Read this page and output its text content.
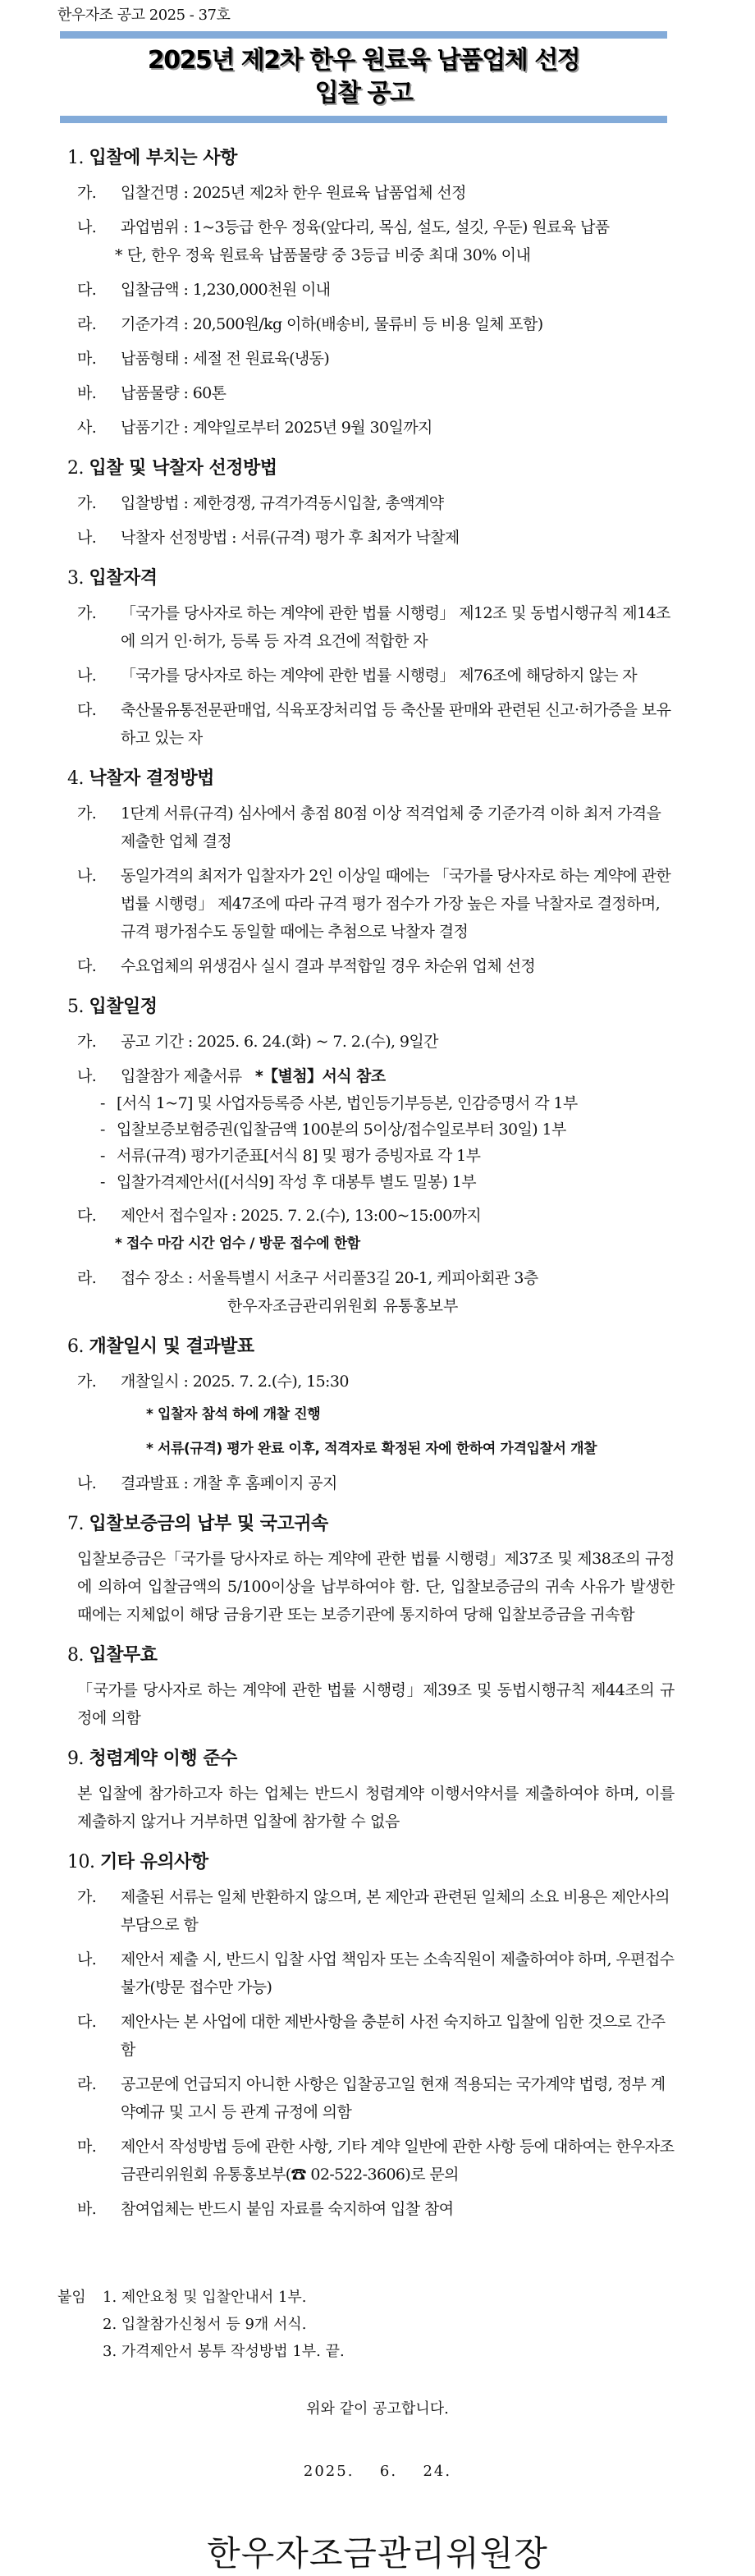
한우자조 공고 2025 - 37호
2025년 제2차 한우 원료육 납품업체 선정
입찰 공고
1. 입찰에 부치는 사항
가. 입찰건명 : 2025년 제2차 한우 원료육 납품업체 선정
나. 과업범위 : 1~3등급 한우 정육(앞다리, 목심, 설도, 설깃, 우둔) 원료육 납품
* 단, 한우 정육 원료육 납품물량 중 3등급 비중 최대 30% 이내
다. 입찰금액 : 1,230,000천원 이내
라. 기준가격 : 20,500원/kg 이하(배송비, 물류비 등 비용 일체 포함)
마. 납품형태 : 세절 전 원료육(냉동)
바. 납품물량 : 60톤
사. 납품기간 : 계약일로부터 2025년 9월 30일까지
2. 입찰 및 낙찰자 선정방법
가. 입찰방법 : 제한경쟁, 규격가격동시입찰, 총액계약
나. 낙찰자 선정방법 : 서류(규격) 평가 후 최저가 낙찰제
3. 입찰자격
가. 「국가를 당사자로 하는 계약에 관한 법률 시행령」 제12조 및 동법시행규칙 제14조에 의거 인·허가, 등록 등 자격 요건에 적합한 자
나. 「국가를 당사자로 하는 계약에 관한 법률 시행령」 제76조에 해당하지 않는 자
다. 축산물유통전문판매업, 식육포장처리업 등 축산물 판매와 관련된 신고·허가증을 보유하고 있는 자
4. 낙찰자 결정방법
가. 1단계 서류(규격) 심사에서 총점 80점 이상 적격업체 중 기준가격 이하 최저 가격을 제출한 업체 결정
나. 동일가격의 최저가 입찰자가 2인 이상일 때에는 「국가를 당사자로 하는 계약에 관한 법률 시행령」 제47조에 따라 규격 평가 점수가 가장 높은 자를 낙찰자로 결정하며, 규격 평가점수도 동일할 때에는 추첨으로 낙찰자 결정
다. 수요업체의 위생검사 실시 결과 부적합일 경우 차순위 업체 선정
5. 입찰일정
가. 공고 기간 : 2025. 6. 24.(화) ~ 7. 2.(수), 9일간
나. 입찰참가 제출서류 *【별첨】서식 참조
- [서식 1~7] 및 사업자등록증 사본, 법인등기부등본, 인감증명서 각 1부
- 입찰보증보험증권(입찰금액 100분의 5이상/접수일로부터 30일) 1부
- 서류(규격) 평가기준표[서식 8] 및 평가 증빙자료 각 1부
- 입찰가격제안서([서식9] 작성 후 대봉투 별도 밀봉) 1부
다. 제안서 접수일자 : 2025. 7. 2.(수), 13:00~15:00까지
* 접수 마감 시간 엄수 / 방문 접수에 한함
라. 접수 장소 : 서울특별시 서초구 서리풀3길 20-1, 케피아회관 3층
한우자조금관리위원회 유통홍보부
6. 개찰일시 및 결과발표
가. 개찰일시 : 2025. 7. 2.(수), 15:30
* 입찰자 참석 하에 개찰 진행
* 서류(규격) 평가 완료 이후, 적격자로 확정된 자에 한하여 가격입찰서 개찰
나. 결과발표 : 개찰 후 홈페이지 공지
7. 입찰보증금의 납부 및 국고귀속
입찰보증금은「국가를 당사자로 하는 계약에 관한 법률 시행령」제37조 및 제38조의 규정에 의하여 입찰금액의 5/100이상을 납부하여야 함. 단, 입찰보증금의 귀속 사유가 발생한 때에는 지체없이 해당 금융기관 또는 보증기관에 통지하여 당해 입찰보증금을 귀속함
8. 입찰무효
「국가를 당사자로 하는 계약에 관한 법률 시행령」제39조 및 동법시행규칙 제44조의 규정에 의함
9. 청렴계약 이행 준수
본 입찰에 참가하고자 하는 업체는 반드시 청렴계약 이행서약서를 제출하여야 하며, 이를 제출하지 않거나 거부하면 입찰에 참가할 수 없음
10. 기타 유의사항
가. 제출된 서류는 일체 반환하지 않으며, 본 제안과 관련된 일체의 소요 비용은 제안사의 부담으로 함
나. 제안서 제출 시, 반드시 입찰 사업 책임자 또는 소속직원이 제출하여야 하며, 우편접수 불가(방문 접수만 가능)
다. 제안사는 본 사업에 대한 제반사항을 충분히 사전 숙지하고 입찰에 임한 것으로 간주함
라. 공고문에 언급되지 아니한 사항은 입찰공고일 현재 적용되는 국가계약 법령, 정부 계약예규 및 고시 등 관계 규정에 의함
마. 제안서 작성방법 등에 관한 사항, 기타 계약 일반에 관한 사항 등에 대하여는 한우자조금관리위원회 유통홍보부(☎ 02-522-3606)로 문의
바. 참여업체는 반드시 붙임 자료를 숙지하여 입찰 참여
붙임 1. 제안요청 및 입찰안내서 1부.
2. 입찰참가신청서 등 9개 서식.
3. 가격제안서 봉투 작성방법 1부. 끝.
위와 같이 공고합니다.
2025.  6.  24.
한우자조금관리위원장
